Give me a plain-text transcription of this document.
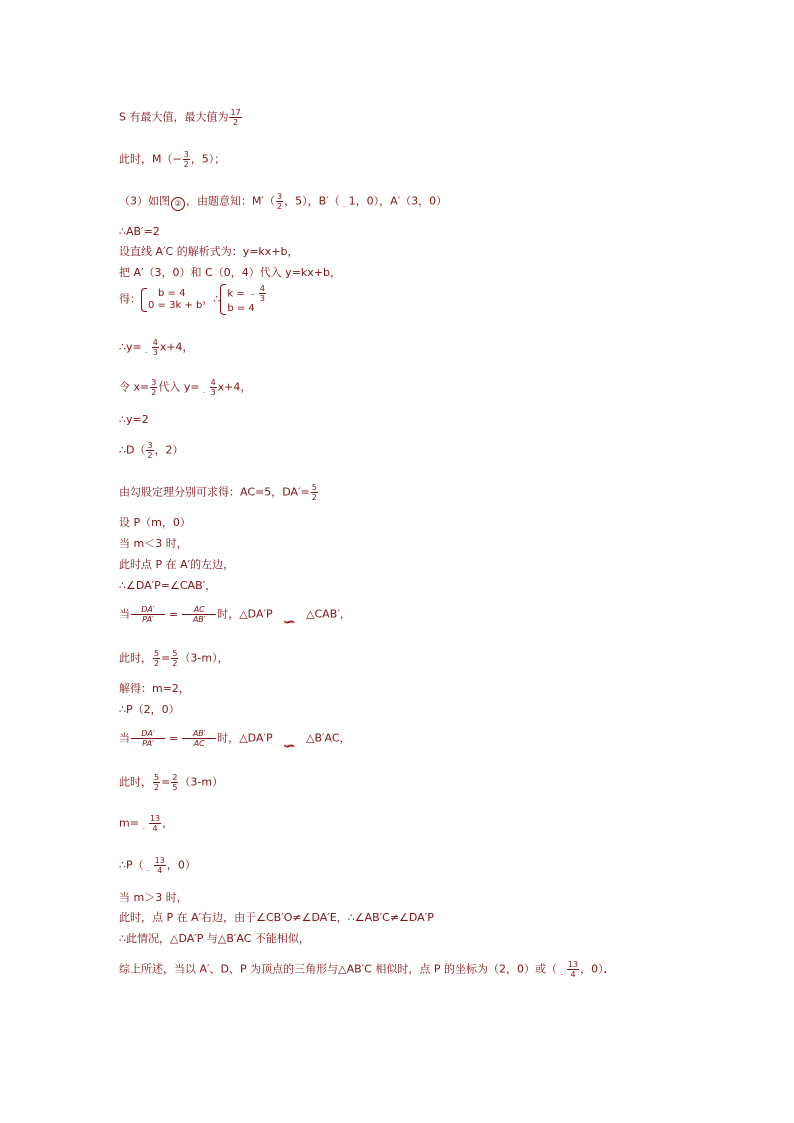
S 有最大值，最大值为 $\frac{17}{2}$
此时，$M(- \frac{3}{2}$ ，5）；
（3）如图 ② ，由题意知：$M'( \frac{3}{2}$ ，5），$B'(_﹣1$，0），A′（3，0）
∴AB′=2
设直线 A′C 的解析式为：y=kx+b，
把 A′（3，0）和 C（0，4）代入 y=kx+b，
得：	b = 4
0 = 3k + b ，∴ k = ﹣ $\frac{4}{3}$
b = 4
$\therefore y=_﹣ \frac{4}{3} x+4$，
令 $x= \frac{3}{2}$ 代入 $y=_﹣ \frac{4}{3} x+4$，
∴y=2
∴D（ $\frac{3}{2}$ ，2）
由勾股定理分别可求得：AC=5，$DA'= \frac{5}{2}$
设 P（m，0）
当 m＜3 时，
此时点 P 在 A′的左边，
∴∠DA′P=∠CAB′，
当 $\frac{DA'}{PA'} = \frac{AC}{AB'}$ 时，△DA′P ∽ △CAB′，
此时， $\frac{5}{2} = \frac{5}{2} (3-m)$，
解得：m=2，
∴P（2，0）
当 $\frac{DA'}{PA'} = \frac{AB'}{AC}$ 时，△DA′P ∽ △B′AC，
此时， $\frac{5}{2} = \frac{2}{5} (3-m)$
$m=_﹣ \frac{13}{4}$ ，
$\therefore P(_﹣ \frac{13}{4}$ ，0）
当 m＞3 时，
此时，点 P 在 A′右边，由于∠CB′O≠∠DA′E，∴∠AB′C≠∠DA′P
∴此情况，△DA′P 与△B′AC 不能相似，
综上所述，当以 A′、D、P 为顶点的三角形与△AB′C 相似时，点 P 的坐标为（2，0）或（$_﹣ \frac{13}{4}$ ，0）．
